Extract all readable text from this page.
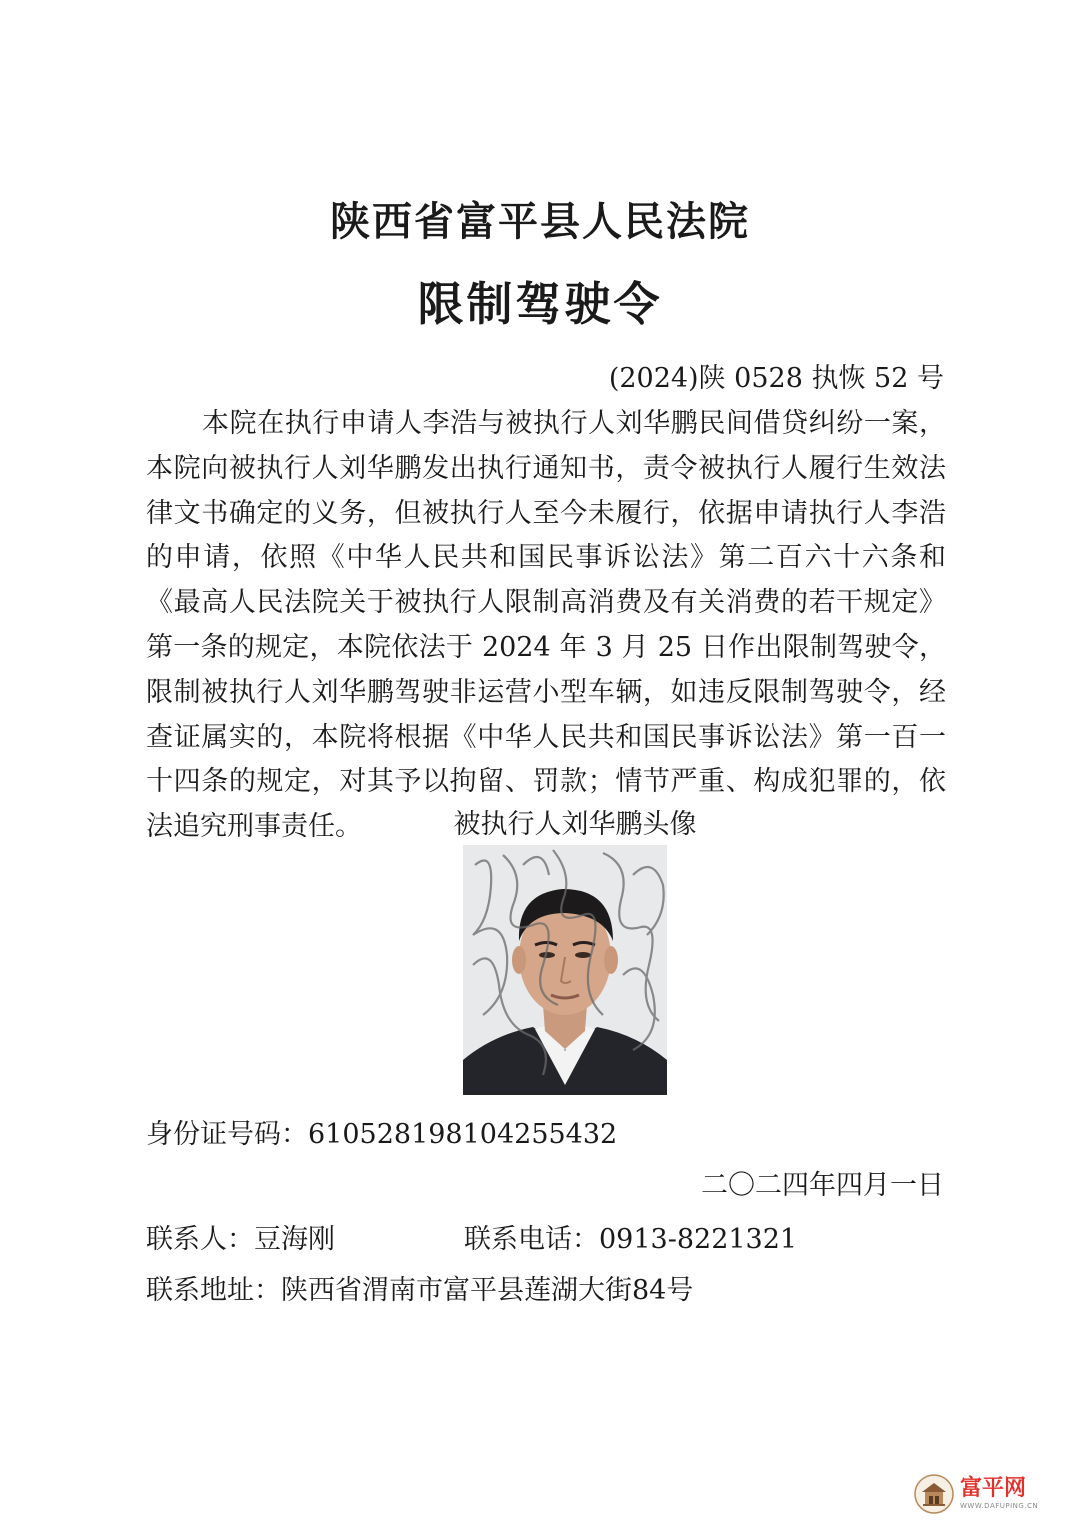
陕西省富平县人民法院
限制驾驶令
(2024)陕 0528 执恢 52 号
本院在执行申请人李浩与被执行人刘华鹏民间借贷纠纷一案，本院向被执行人刘华鹏发出执行通知书，责令被执行人履行生效法律文书确定的义务，但被执行人至今未履行，依据申请执行人李浩的申请，依照《中华人民共和国民事诉讼法》第二百六十六条和《最高人民法院关于被执行人限制高消费及有关消费的若干规定》第一条的规定，本院依法于 2024 年 3 月 25 日作出限制驾驶令，限制被执行人刘华鹏驾驶非运营小型车辆，如违反限制驾驶令，经查证属实的，本院将根据《中华人民共和国民事诉讼法》第一百一十四条的规定，对其予以拘留、罚款；情节严重、构成犯罪的，依法追究刑事责任。	被执行人刘华鹏头像
身份证号码：610528198104255432
二〇二四年四月一日
联系人：豆海刚	联系电话：0913-8221321
联系地址：陕西省渭南市富平县莲湖大街84号
富平网
WWW.DAFUPING.CN
